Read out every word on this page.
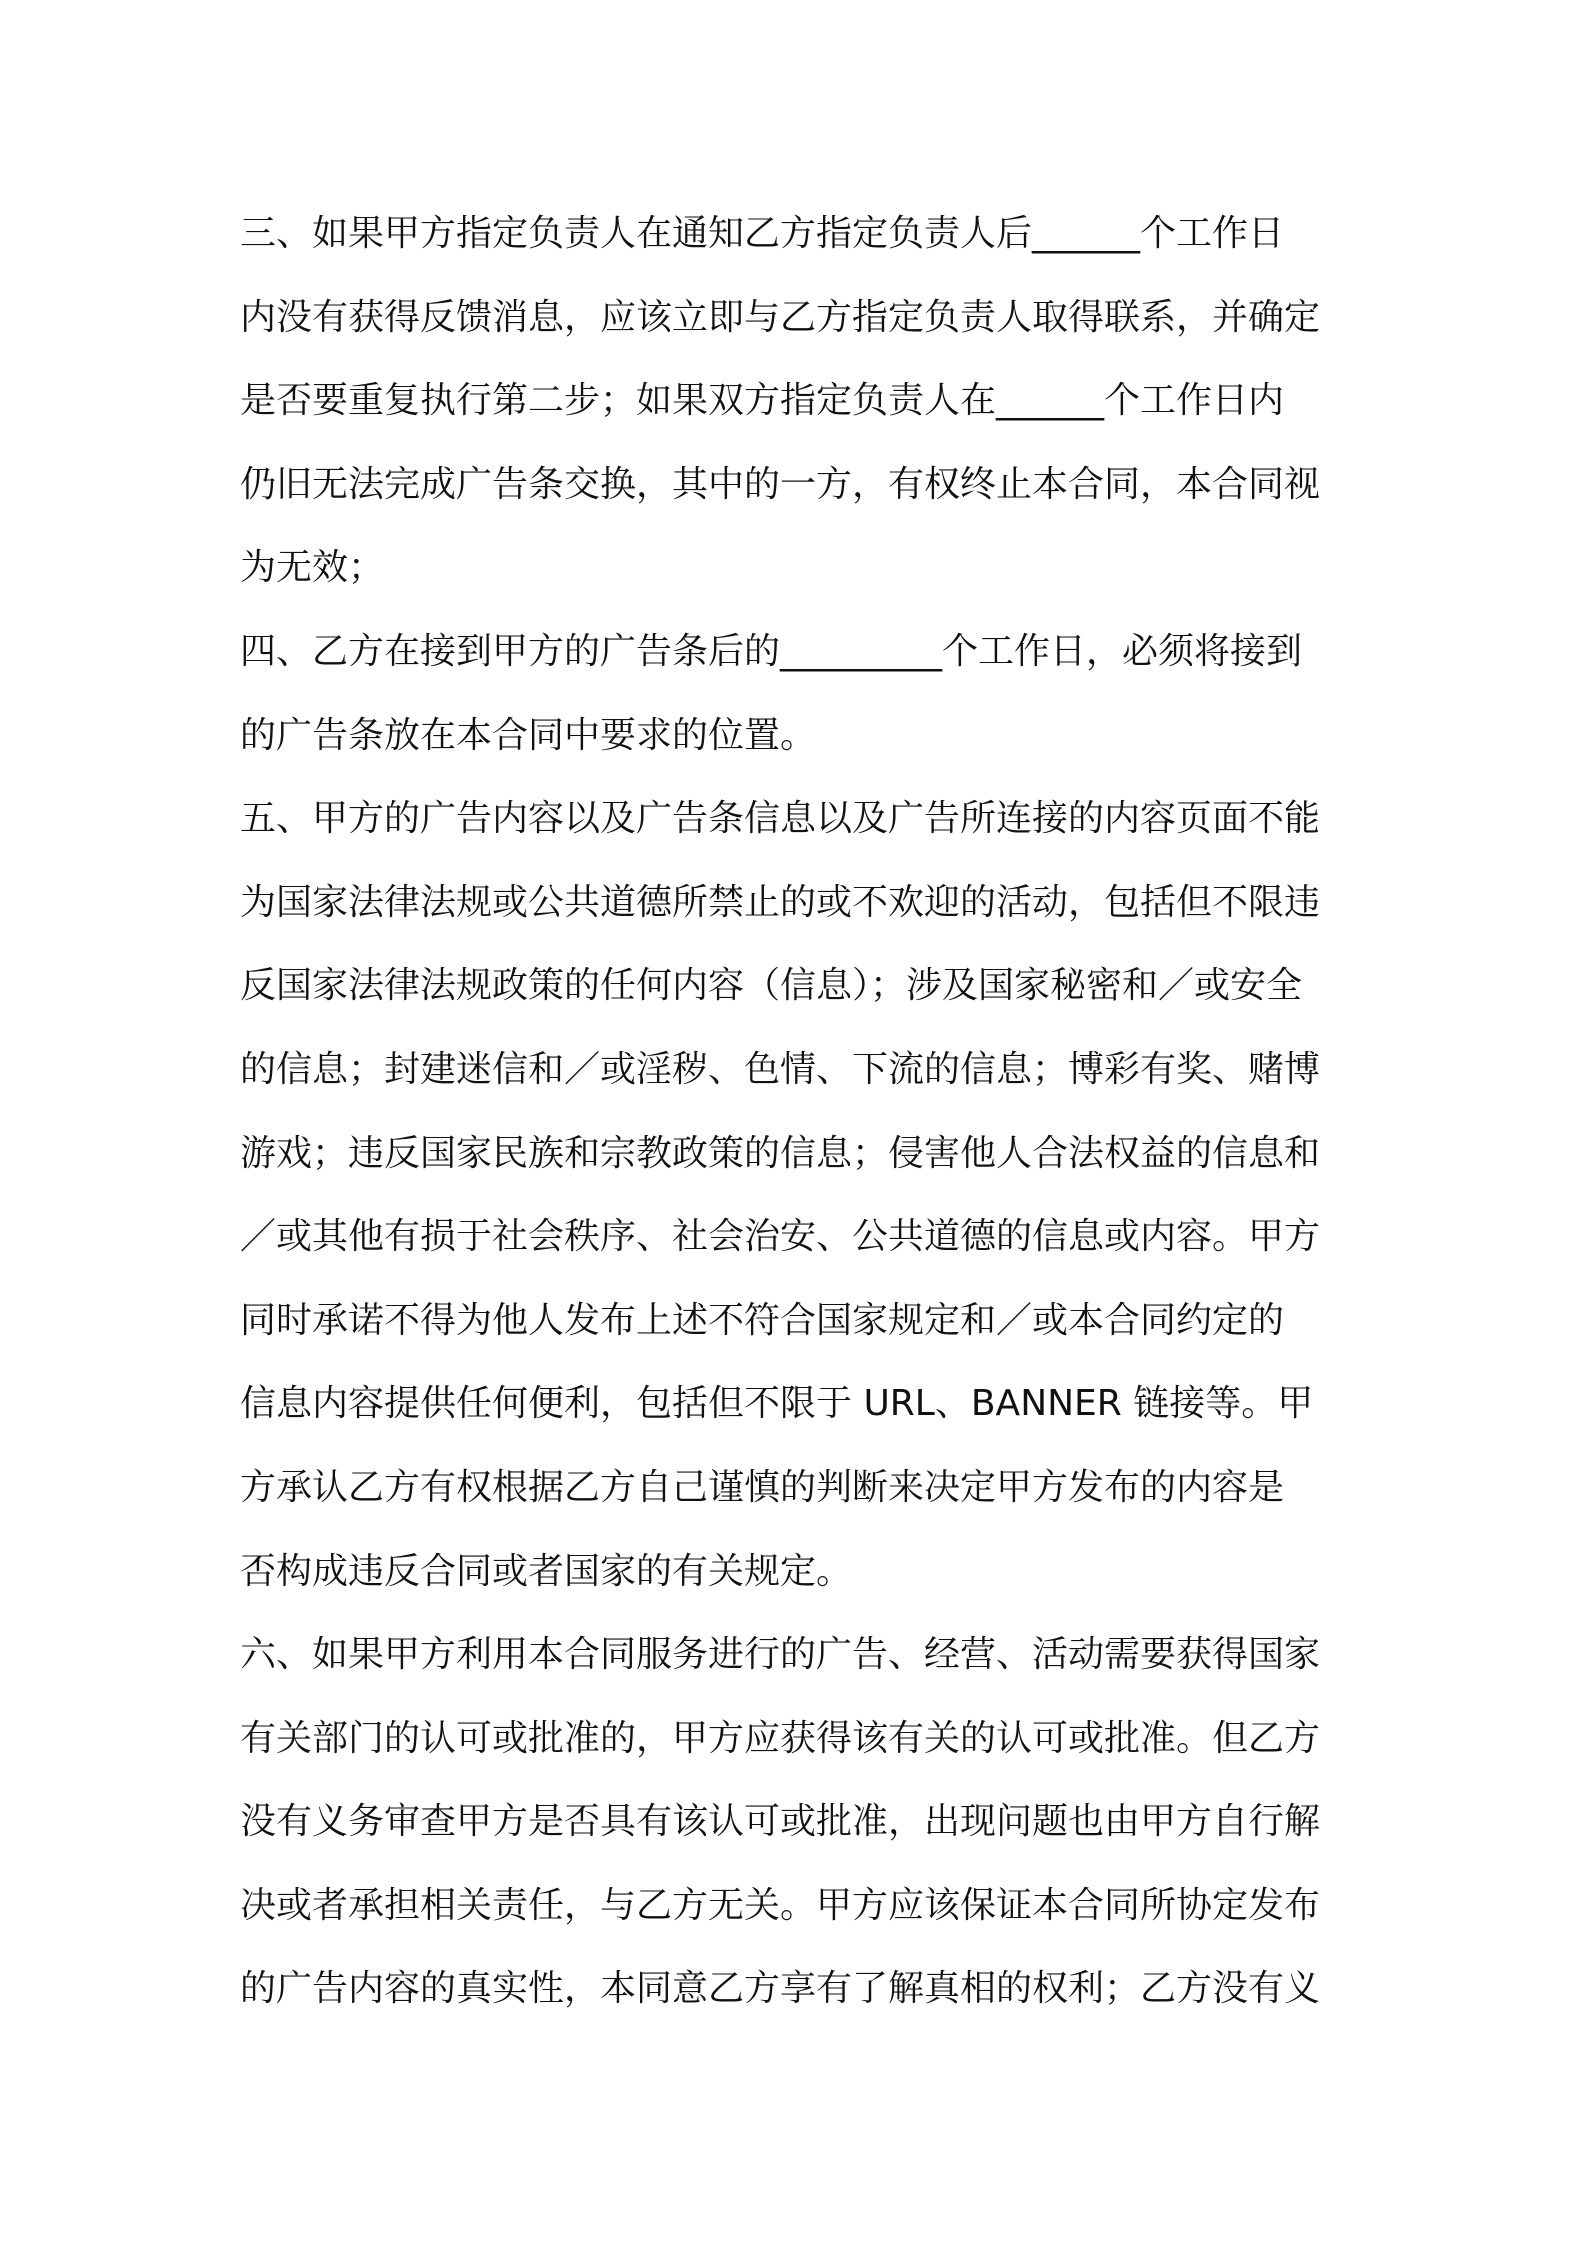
三、如果甲方指定负责人在通知乙方指定负责人后______个工作日
内没有获得反馈消息，应该立即与乙方指定负责人取得联系，并确定
是否要重复执行第二步；如果双方指定负责人在______个工作日内
仍旧无法完成广告条交换，其中的一方，有权终止本合同，本合同视
为无效；
四、乙方在接到甲方的广告条后的_________个工作日，必须将接到
的广告条放在本合同中要求的位置。
五、甲方的广告内容以及广告条信息以及广告所连接的内容页面不能
为国家法律法规或公共道德所禁止的或不欢迎的活动，包括但不限违
反国家法律法规政策的任何内容（信息）；涉及国家秘密和／或安全
的信息；封建迷信和／或淫秽、色情、下流的信息；博彩有奖、赌博
游戏；违反国家民族和宗教政策的信息；侵害他人合法权益的信息和
／或其他有损于社会秩序、社会治安、公共道德的信息或内容。甲方
同时承诺不得为他人发布上述不符合国家规定和／或本合同约定的
信息内容提供任何便利，包括但不限于 URL、BANNER 链接等。甲
方承认乙方有权根据乙方自己谨慎的判断来决定甲方发布的内容是
否构成违反合同或者国家的有关规定。
六、如果甲方利用本合同服务进行的广告、经营、活动需要获得国家
有关部门的认可或批准的，甲方应获得该有关的认可或批准。但乙方
没有义务审查甲方是否具有该认可或批准，出现问题也由甲方自行解
决或者承担相关责任，与乙方无关。甲方应该保证本合同所协定发布
的广告内容的真实性，本同意乙方享有了解真相的权利；乙方没有义
